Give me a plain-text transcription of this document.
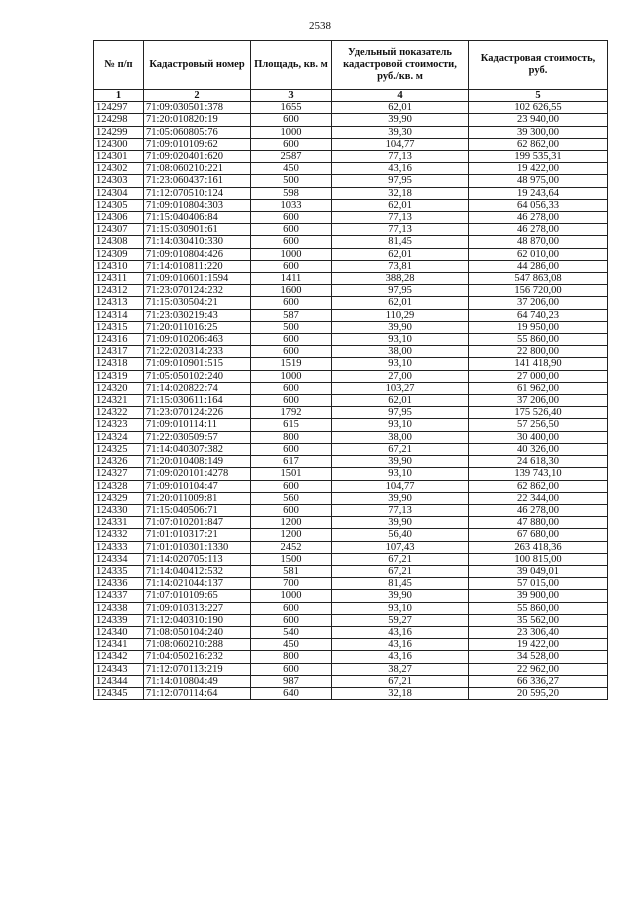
2538
№ п/п	Кадастровый номер	Площадь, кв. м	Удельный показатель кадастровой стоимости, руб./кв. м	Кадастровая стоимость, руб.
1	2	3	4	5
124297	71:09:030501:378	1655	62,01	102 626,55
124298	71:20:010820:19	600	39,90	23 940,00
124299	71:05:060805:76	1000	39,30	39 300,00
124300	71:09:010109:62	600	104,77	62 862,00
124301	71:09:020401:620	2587	77,13	199 535,31
124302	71:08:060210:221	450	43,16	19 422,00
124303	71:23:060437:161	500	97,95	48 975,00
124304	71:12:070510:124	598	32,18	19 243,64
124305	71:09:010804:303	1033	62,01	64 056,33
124306	71:15:040406:84	600	77,13	46 278,00
124307	71:15:030901:61	600	77,13	46 278,00
124308	71:14:030410:330	600	81,45	48 870,00
124309	71:09:010804:426	1000	62,01	62 010,00
124310	71:14:010811:220	600	73,81	44 286,00
124311	71:09:010601:1594	1411	388,28	547 863,08
124312	71:23:070124:232	1600	97,95	156 720,00
124313	71:15:030504:21	600	62,01	37 206,00
124314	71:23:030219:43	587	110,29	64 740,23
124315	71:20:011016:25	500	39,90	19 950,00
124316	71:09:010206:463	600	93,10	55 860,00
124317	71:22:020314:233	600	38,00	22 800,00
124318	71:09:010901:515	1519	93,10	141 418,90
124319	71:05:050102:240	1000	27,00	27 000,00
124320	71:14:020822:74	600	103,27	61 962,00
124321	71:15:030611:164	600	62,01	37 206,00
124322	71:23:070124:226	1792	97,95	175 526,40
124323	71:09:010114:11	615	93,10	57 256,50
124324	71:22:030509:57	800	38,00	30 400,00
124325	71:14:040307:382	600	67,21	40 326,00
124326	71:20:010408:149	617	39,90	24 618,30
124327	71:09:020101:4278	1501	93,10	139 743,10
124328	71:09:010104:47	600	104,77	62 862,00
124329	71:20:011009:81	560	39,90	22 344,00
124330	71:15:040506:71	600	77,13	46 278,00
124331	71:07:010201:847	1200	39,90	47 880,00
124332	71:01:010317:21	1200	56,40	67 680,00
124333	71:01:010301:1330	2452	107,43	263 418,36
124334	71:14:020705:113	1500	67,21	100 815,00
124335	71:14:040412:532	581	67,21	39 049,01
124336	71:14:021044:137	700	81,45	57 015,00
124337	71:07:010109:65	1000	39,90	39 900,00
124338	71:09:010313:227	600	93,10	55 860,00
124339	71:12:040310:190	600	59,27	35 562,00
124340	71:08:050104:240	540	43,16	23 306,40
124341	71:08:060210:288	450	43,16	19 422,00
124342	71:04:050216:232	800	43,16	34 528,00
124343	71:12:070113:219	600	38,27	22 962,00
124344	71:14:010804:49	987	67,21	66 336,27
124345	71:12:070114:64	640	32,18	20 595,20
